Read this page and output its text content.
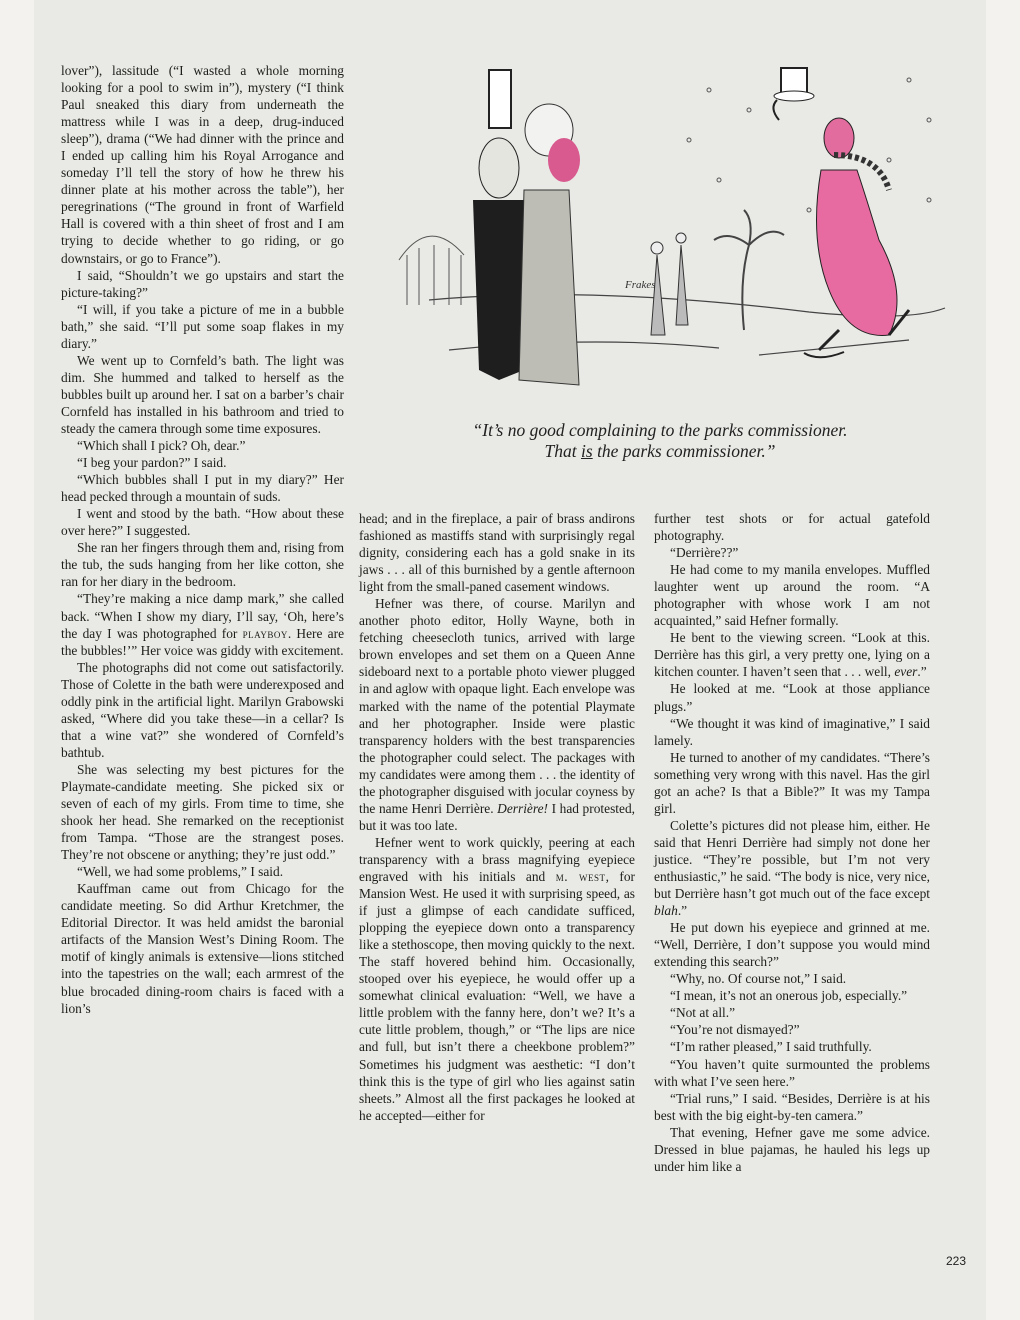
lover”), lassitude (“I wasted a whole morning looking for a pool to swim in”), mystery (“I think Paul sneaked this diary from underneath the mattress while I was in a deep, drug-induced sleep”), drama (“We had dinner with the prince and I ended up calling him his Royal Arrogance and someday I’ll tell the story of how he threw his dinner plate at his mother across the table”), her peregrinations (“The ground in front of Warfield Hall is covered with a thin sheet of frost and I am trying to decide whether to go riding, or go downstairs, or go to France”).

I said, “Shouldn’t we go upstairs and start the picture-taking?”

“I will, if you take a picture of me in a bubble bath,” she said. “I’ll put some soap flakes in my diary.”

We went up to Cornfeld’s bath. The light was dim. She hummed and talked to herself as the bubbles built up around her. I sat on a barber’s chair Cornfeld has installed in his bathroom and tried to steady the camera through some time exposures.

“Which shall I pick? Oh, dear.”

“I beg your pardon?” I said.

“Which bubbles shall I put in my diary?” Her head pecked through a mountain of suds.

I went and stood by the bath. “How about these over here?” I suggested.

She ran her fingers through them and, rising from the tub, the suds hanging from her like cotton, she ran for her diary in the bedroom.

“They’re making a nice damp mark,” she called back. “When I show my diary, I’ll say, ‘Oh, here’s the day I was photographed for playboy. Here are the bubbles!’” Her voice was giddy with excitement.

The photographs did not come out satisfactorily. Those of Colette in the bath were underexposed and oddly pink in the artificial light. Marilyn Grabowski asked, “Where did you take these—in a cellar? Is that a wine vat?” she wondered of Cornfeld’s bathtub.

She was selecting my best pictures for the Playmate-candidate meeting. She picked six or seven of each of my girls. From time to time, she shook her head. She remarked on the receptionist from Tampa. “Those are the strangest poses. They’re not obscene or anything; they’re just odd.”

“Well, we had some problems,” I said.

Kauffman came out from Chicago for the candidate meeting. So did Arthur Kretchmer, the Editorial Director. It was held amidst the baronial artifacts of the Mansion West’s Dining Room. The motif of kingly animals is extensive—lions stitched into the tapestries on the wall; each armrest of the blue brocaded dining-room chairs is faced with a lion’s

Frakes
“It’s no good complaining to the parks commissioner.
That is the parks commissioner.”

head; and in the fireplace, a pair of brass andirons fashioned as mastiffs stand with surprisingly regal dignity, considering each has a gold snake in its jaws . . . all of this burnished by a gentle afternoon light from the small-paned casement windows.

Hefner was there, of course. Marilyn and another photo editor, Holly Wayne, both in fetching cheesecloth tunics, arrived with large brown envelopes and set them on a Queen Anne sideboard next to a portable photo viewer plugged in and aglow with opaque light. Each envelope was marked with the name of the potential Playmate and her photographer. Inside were plastic transparency holders with the best transparencies the photographer could select. The packages with my candidates were among them . . . the identity of the photographer disguised with jocular coyness by the name Henri Derrière. Derrière! I had protested, but it was too late.

Hefner went to work quickly, peering at each transparency with a brass magnifying eyepiece engraved with his initials and m. west, for Mansion West. He used it with surprising speed, as if just a glimpse of each candidate sufficed, plopping the eyepiece down onto a transparency like a stethoscope, then moving quickly to the next. The staff hovered behind him. Occasionally, stooped over his eyepiece, he would offer up a somewhat clinical evaluation: “Well, we have a little problem with the fanny here, don’t we? It’s a cute little problem, though,” or “The lips are nice and full, but isn’t there a cheekbone problem?” Sometimes his judgment was aesthetic: “I don’t think this is the type of girl who lies against satin sheets.” Almost all the first packages he looked at he accepted—either for

further test shots or for actual gatefold photography.

“Derrière??”

He had come to my manila envelopes. Muffled laughter went up around the room. “A photographer with whose work I am not acquainted,” said Hefner formally.

He bent to the viewing screen. “Look at this. Derrière has this girl, a very pretty one, lying on a kitchen counter. I haven’t seen that . . . well, ever.”

He looked at me. “Look at those appliance plugs.”

“We thought it was kind of imaginative,” I said lamely.

He turned to another of my candidates. “There’s something very wrong with this navel. Has the girl got an ache? Is that a Bible?” It was my Tampa girl.

Colette’s pictures did not please him, either. He said that Henri Derrière had simply not done her justice. “They’re possible, but I’m not very enthusiastic,” he said. “The body is nice, very nice, but Derrière hasn’t got much out of the face except blah.”

He put down his eyepiece and grinned at me. “Well, Derrière, I don’t suppose you would mind extending this search?”

“Why, no. Of course not,” I said.

“I mean, it’s not an onerous job, especially.”

“Not at all.”

“You’re not dismayed?”

“I’m rather pleased,” I said truthfully.

“You haven’t quite surmounted the problems with what I’ve seen here.”

“Trial runs,” I said. “Besides, Derrière is at his best with the big eight-by-ten camera.”

That evening, Hefner gave me some advice. Dressed in blue pajamas, he hauled his legs up under him like a

223
